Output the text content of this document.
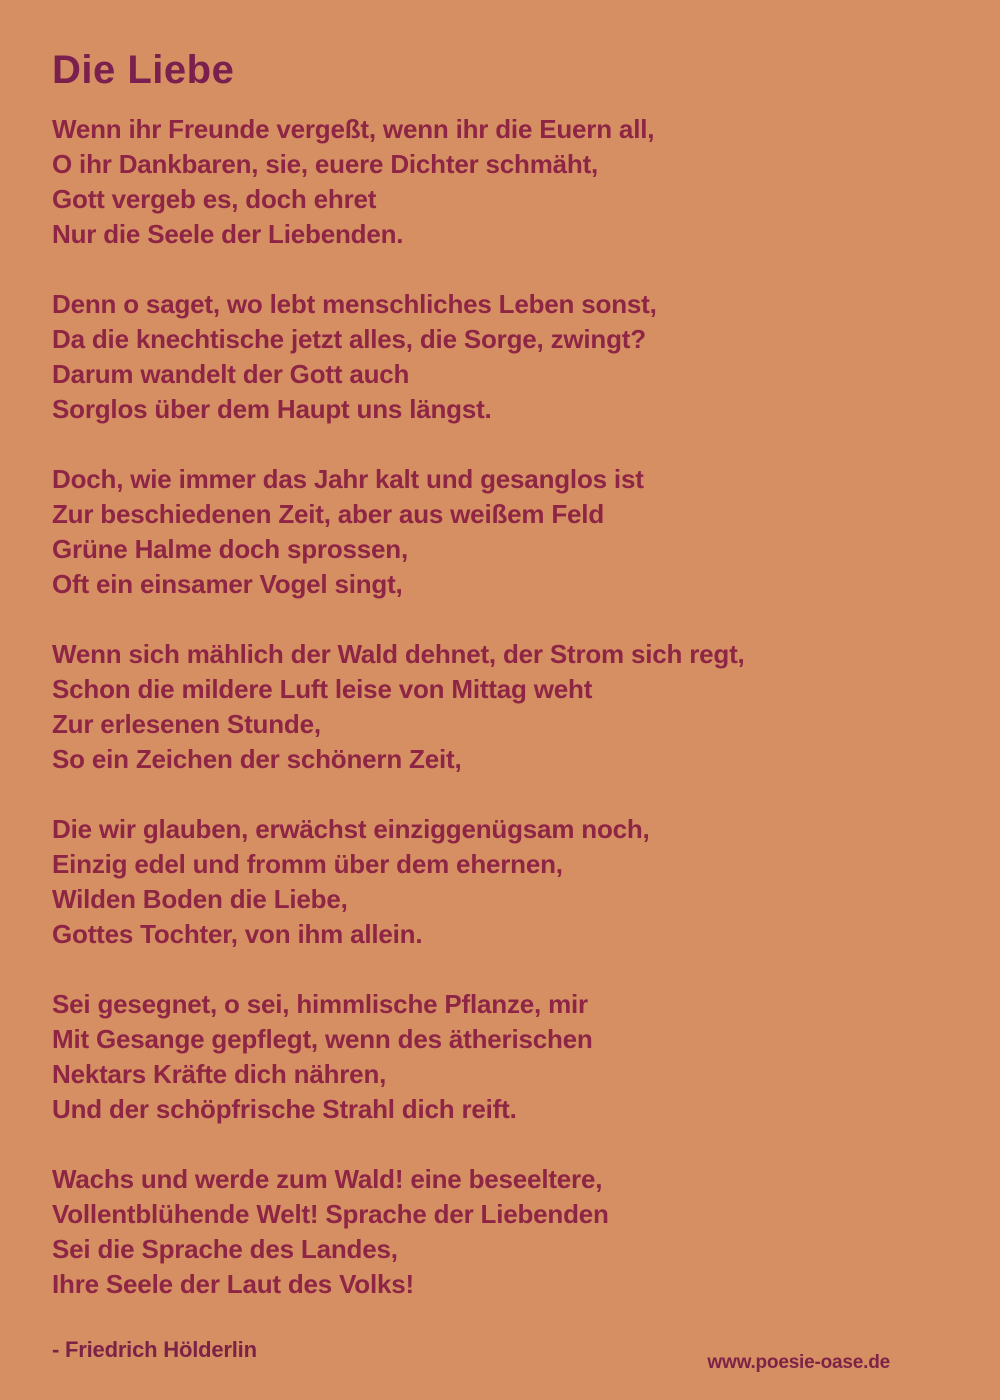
Die Liebe
Wenn ihr Freunde vergeßt, wenn ihr die Euern all,
O ihr Dankbaren, sie, euere Dichter schmäht,
Gott vergeb es, doch ehret
Nur die Seele der Liebenden.
Denn o saget, wo lebt menschliches Leben sonst,
Da die knechtische jetzt alles, die Sorge, zwingt?
Darum wandelt der Gott auch
Sorglos über dem Haupt uns längst.
Doch, wie immer das Jahr kalt und gesanglos ist
Zur beschiedenen Zeit, aber aus weißem Feld
Grüne Halme doch sprossen,
Oft ein einsamer Vogel singt,
Wenn sich mählich der Wald dehnet, der Strom sich regt,
Schon die mildere Luft leise von Mittag weht
Zur erlesenen Stunde,
So ein Zeichen der schönern Zeit,
Die wir glauben, erwächst einziggenügsam noch,
Einzig edel und fromm über dem ehernen,
Wilden Boden die Liebe,
Gottes Tochter, von ihm allein.
Sei gesegnet, o sei, himmlische Pflanze, mir
Mit Gesange gepflegt, wenn des ätherischen
Nektars Kräfte dich nähren,
Und der schöpfrische Strahl dich reift.
Wachs und werde zum Wald! eine beseeltere,
Vollentblühende Welt! Sprache der Liebenden
Sei die Sprache des Landes,
Ihre Seele der Laut des Volks!
- Friedrich Hölderlin
www.poesie-oase.de
